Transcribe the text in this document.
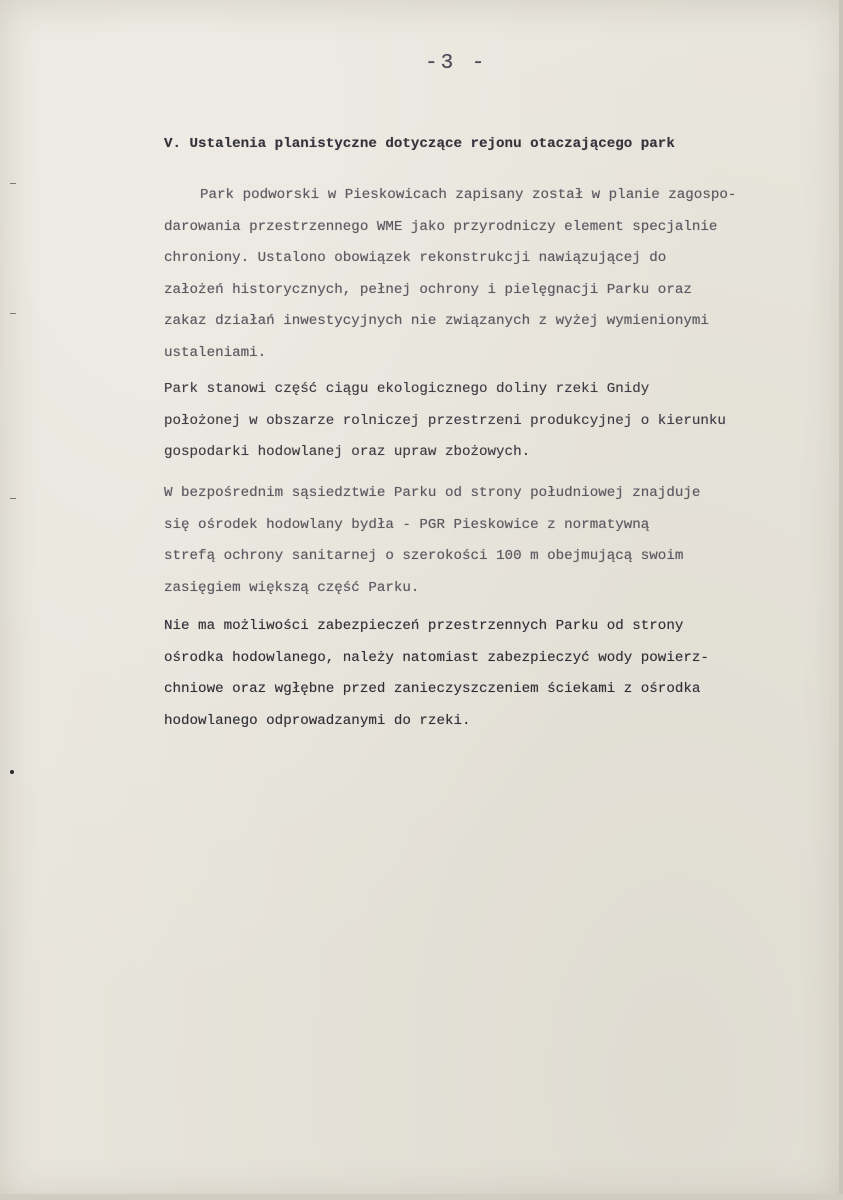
-3 -
V. Ustalenia planistyczne dotyczące rejonu otaczającego park

Park podworski w Pieskowicach zapisany został w planie zagospo-
darowania przestrzennego WME jako przyrodniczy element specjalnie
chroniony. Ustalono obowiązek rekonstrukcji nawiązującej do
założeń historycznych, pełnej ochrony i pielęgnacji Parku oraz
zakaz działań inwestycyjnych nie związanych z wyżej wymienionymi
ustaleniami.

Park stanowi część ciągu ekologicznego doliny rzeki Gnidy
położonej w obszarze rolniczej przestrzeni produkcyjnej o kierunku
gospodarki hodowlanej oraz upraw zbożowych.

W bezpośrednim sąsiedztwie Parku od strony południowej znajduje
się ośrodek hodowlany bydła - PGR Pieskowice z normatywną
strefą ochrony sanitarnej o szerokości 100 m obejmującą swoim
zasięgiem większą część Parku.

Nie ma możliwości zabezpieczeń przestrzennych Parku od strony
ośrodka hodowlanego, należy natomiast zabezpieczyć wody powierz-
chniowe oraz wgłębne przed zanieczyszczeniem ściekami z ośrodka
hodowlanego odprowadzanymi do rzeki.
